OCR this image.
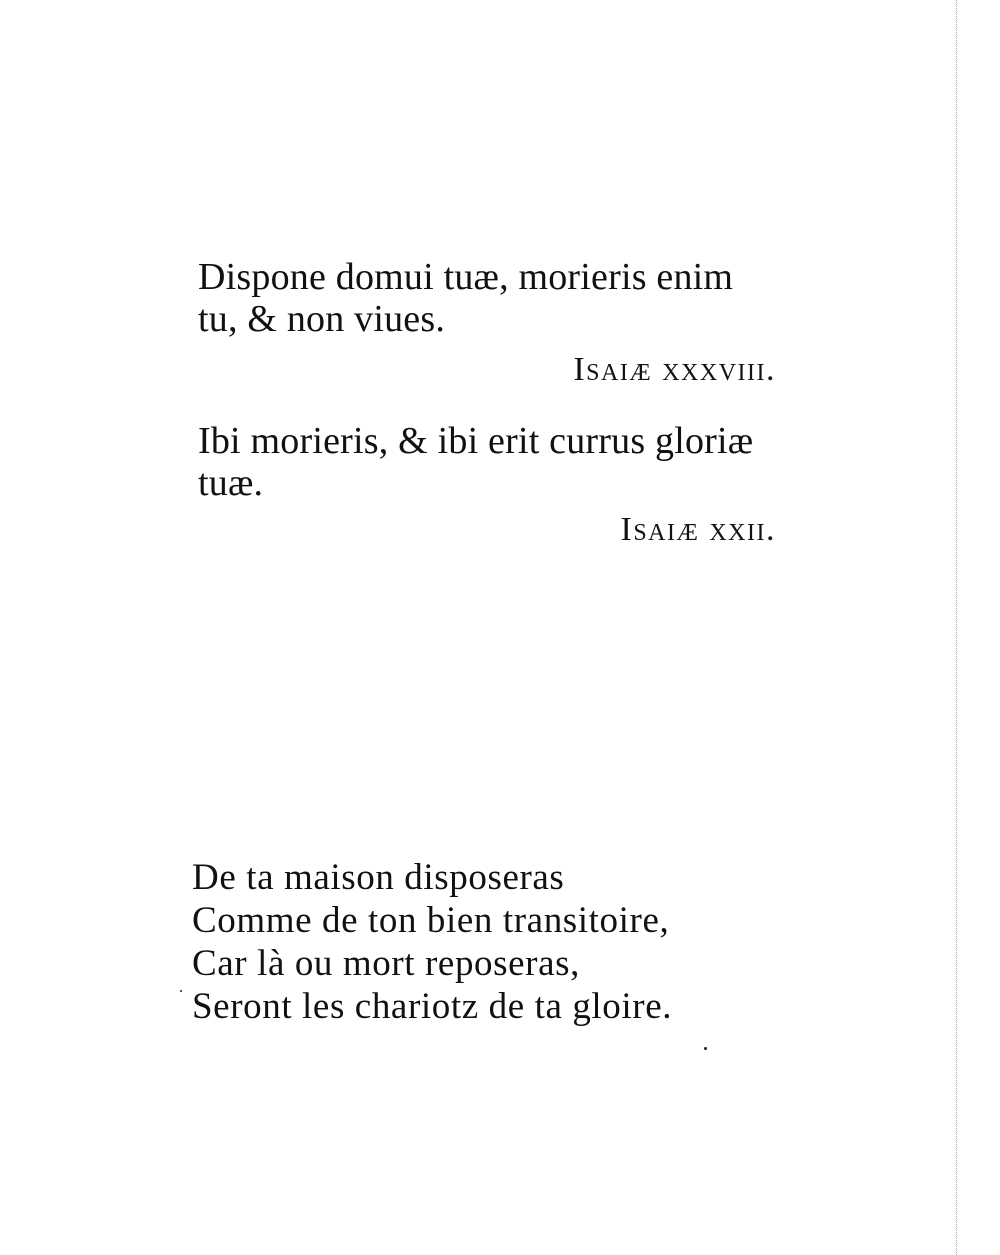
Dispone domui tuæ, morieris enim

tu, & non viues.

Isaiæ xxxviii.

Ibi morieris, & ibi erit currus gloriæ

tuæ.

Isaiæ xxii.

De ta maison disposeras
Comme de ton bien transitoire,
Car là ou mort reposeras,
Seront les chariotz de ta gloire.
